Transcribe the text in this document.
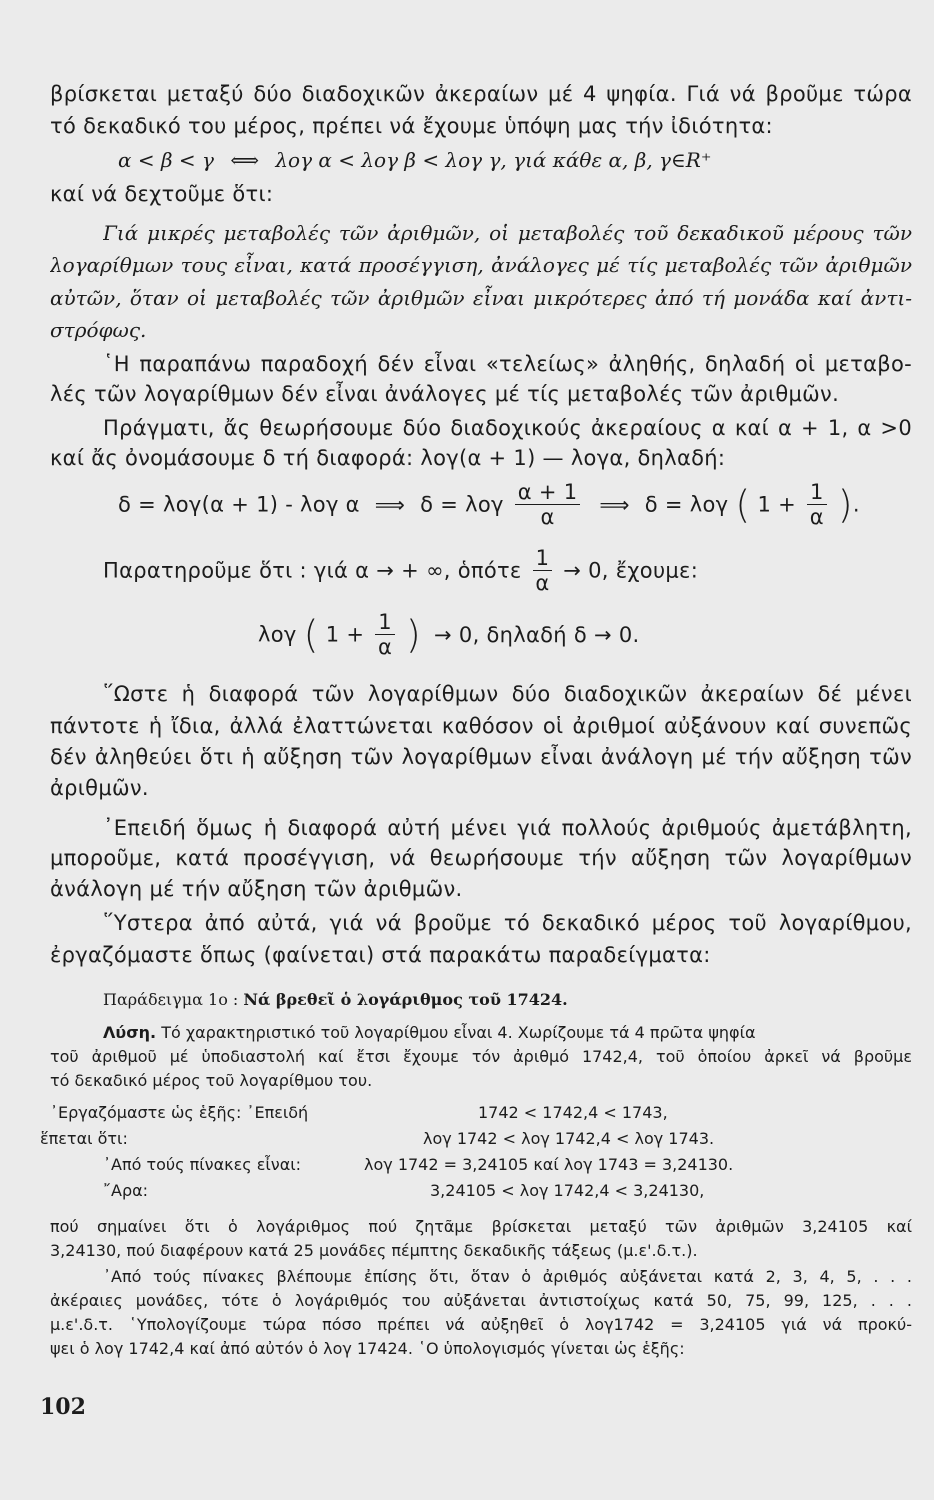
βρίσκεται μεταξύ δύο διαδοχικῶν ἀκεραίων μέ 4 ψηφία. Γιά νά βροῦμε τώρα
τό δεκαδικό του μέρος, πρέπει νά ἔχουμε ὑπόψη μας τήν ἰδιότητα:
α < β < γ ⟺ λογ α < λογ β < λογ γ, γιά κάθε α, β, γ∈R⁺
καί νά δεχτοῦμε ὅτι:
Γιά μικρές μεταβολές τῶν ἀριθμῶν, οἱ μεταβολές τοῦ δεκαδικοῦ μέρους τῶν
λογαρίθμων τους εἶναι, κατά προσέγγιση, ἀνάλογες μέ τίς μεταβολές τῶν ἀριθμῶν
αὐτῶν, ὅταν οἱ μεταβολές τῶν ἀριθμῶν εἶναι μικρότερες ἀπό τή μονάδα καί ἀντι-
στρόφως.
῾Η παραπάνω παραδοχή δέν εἶναι «τελείως» ἀληθής, δηλαδή οἱ μεταβο-
λές τῶν λογαρίθμων δέν εἶναι ἀνάλογες μέ τίς μεταβολές τῶν ἀριθμῶν.
Πράγματι, ἄς θεωρήσουμε δύο διαδοχικούς ἀκεραίους α καί α + 1, α >0
καί ἄς ὀνομάσουμε δ τή διαφορά: λογ(α + 1) — λογα, δηλαδή:
δ = λογ(α + 1) - λογ α ⟹ δ = λογ $\frac{\alpha + 1}{\alpha}$ ⟹ δ = λογ ( $1 + \frac{1}{\alpha}$ ).
Παρατηροῦμε ὅτι : γιά α → + ∞, ὁπότε $\frac{1}{\alpha} \to 0$, ἔχουμε:
λογ ( $1 + \frac{1}{\alpha}$ ) → 0, δηλαδή δ → 0.
῞Ωστε ἡ διαφορά τῶν λογαρίθμων δύο διαδοχικῶν ἀκεραίων δέ μένει
πάντοτε ἡ ἴδια, ἀλλά ἐλαττώνεται καθόσον οἱ ἀριθμοί αὐξάνουν καί συνεπῶς
δέν ἀληθεύει ὅτι ἡ αὔξηση τῶν λογαρίθμων εἶναι ἀνάλογη μέ τήν αὔξηση τῶν
ἀριθμῶν.
᾿Επειδή ὅμως ἡ διαφορά αὐτή μένει γιά πολλούς ἀριθμούς ἀμετάβλητη,
μποροῦμε, κατά προσέγγιση, νά θεωρήσουμε τήν αὔξηση τῶν λογαρίθμων
ἀνάλογη μέ τήν αὔξηση τῶν ἀριθμῶν.
῞Υστερα ἀπό αὐτά, γιά νά βροῦμε τό δεκαδικό μέρος τοῦ λογαρίθμου,
ἐργαζόμαστε ὅπως (φαίνεται) στά παρακάτω παραδείγματα:
Παράδειγμα 1ο : Νά βρεθεῖ ὁ λογάριθμος τοῦ 17424.
Λύση. Τό χαρακτηριστικό τοῦ λογαρίθμου εἶναι 4. Χωρίζουμε τά 4 πρῶτα ψηφία
τοῦ ἀριθμοῦ μέ ὑποδιαστολή καί ἔτσι ἔχουμε τόν ἀριθμό 1742,4, τοῦ ὁποίου ἀρκεῖ νά βροῦμε
τό δεκαδικό μέρος τοῦ λογαρίθμου του.
᾿Εργαζόμαστε ὡς ἑξῆς: ᾿Επειδή	1742 < 1742,4 < 1743,
ἕπεται ὅτι:	λογ 1742 < λογ 1742,4 < λογ 1743.
᾿Από τούς πίνακες εἶναι:	λογ 1742 = 3,24105 καί λογ 1743 = 3,24130.
῎Αρα:	3,24105 < λογ 1742,4 < 3,24130,
πού σημαίνει ὅτι ὁ λογάριθμος πού ζητᾶμε βρίσκεται μεταξύ τῶν ἀριθμῶν 3,24105 καί
3,24130, πού διαφέρουν κατά 25 μονάδες πέμπτης δεκαδικῆς τάξεως (μ.ε'.δ.τ.).
᾿Από τούς πίνακες βλέπουμε ἐπίσης ὅτι, ὅταν ὁ ἀριθμός αὐξάνεται κατά 2, 3, 4, 5, . . .
ἀκέραιες μονάδες, τότε ὁ λογάριθμός του αὐξάνεται ἀντιστοίχως κατά 50, 75, 99, 125, . . .
μ.ε'.δ.τ. ῾Υπολογίζουμε τώρα πόσο πρέπει νά αὐξηθεῖ ὁ λογ1742 = 3,24105 γιά νά προκύ-
ψει ὁ λογ 1742,4 καί ἀπό αὐτόν ὁ λογ 17424. ῾Ο ὑπολογισμός γίνεται ὡς ἑξῆς:
102
